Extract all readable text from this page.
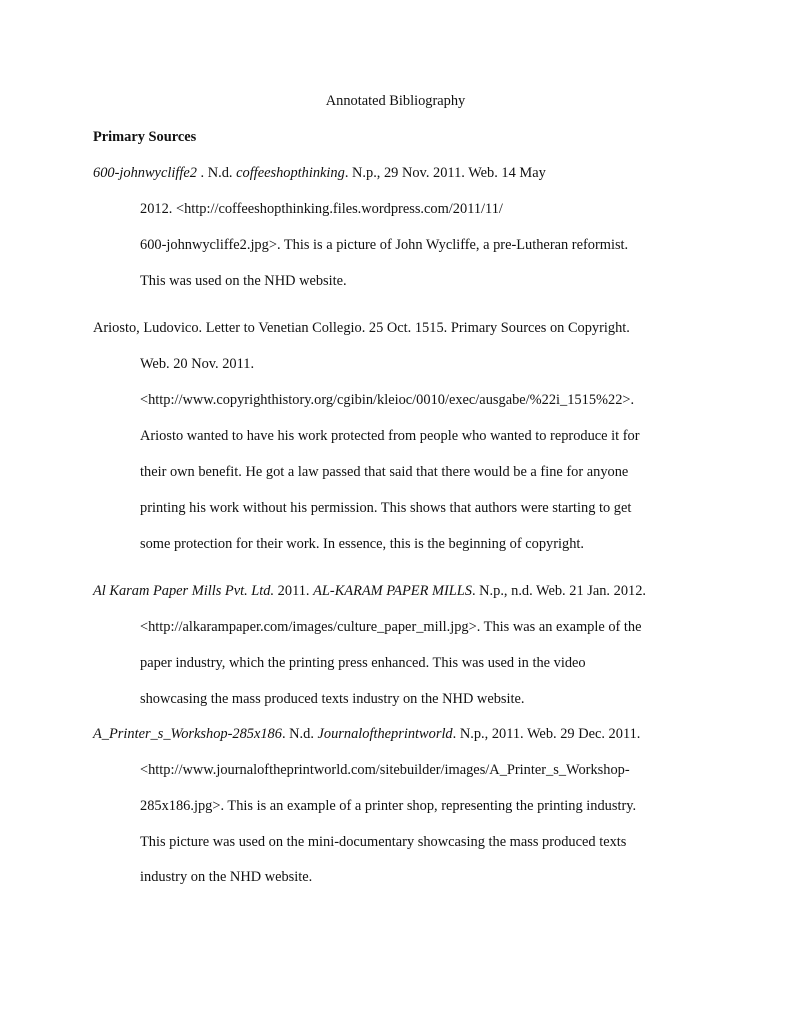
Annotated Bibliography
Primary Sources
600-johnwycliffe2 . N.d. coffeeshopthinking. N.p., 29 Nov. 2011. Web. 14 May
2012. <http://coffeeshopthinking.files.wordpress.com/2011/11/
600-johnwycliffe2.jpg>. This is a picture of John Wycliffe, a pre-Lutheran reformist.
This was used on the NHD website.
Ariosto, Ludovico. Letter to Venetian Collegio. 25 Oct. 1515. Primary Sources on Copyright.
Web. 20 Nov. 2011.
<http://www.copyrighthistory.org/cgibin/kleioc/0010/exec/ausgabe/%22i_1515%22>.
Ariosto wanted to have his work protected from people who wanted to reproduce it for
their own benefit. He got a law passed that said that there would be a fine for anyone
printing his work without his permission. This shows that authors were starting to get
some protection for their work. In essence, this is the beginning of copyright.
Al Karam Paper Mills Pvt. Ltd. 2011. AL-KARAM PAPER MILLS. N.p., n.d. Web. 21 Jan. 2012.
<http://alkarampaper.com/images/culture_paper_mill.jpg>. This was an example of the
paper industry, which the printing press enhanced. This was used in the video
showcasing the mass produced texts industry on the NHD website.
A_Printer_s_Workshop-285x186. N.d. Journaloftheprintworld. N.p., 2011. Web. 29 Dec. 2011.
<http://www.journaloftheprintworld.com/sitebuilder/images/A_Printer_s_Workshop-
285x186.jpg>. This is an example of a printer shop, representing the printing industry.
This picture was used on the mini-documentary showcasing the mass produced texts
industry on the NHD website.
